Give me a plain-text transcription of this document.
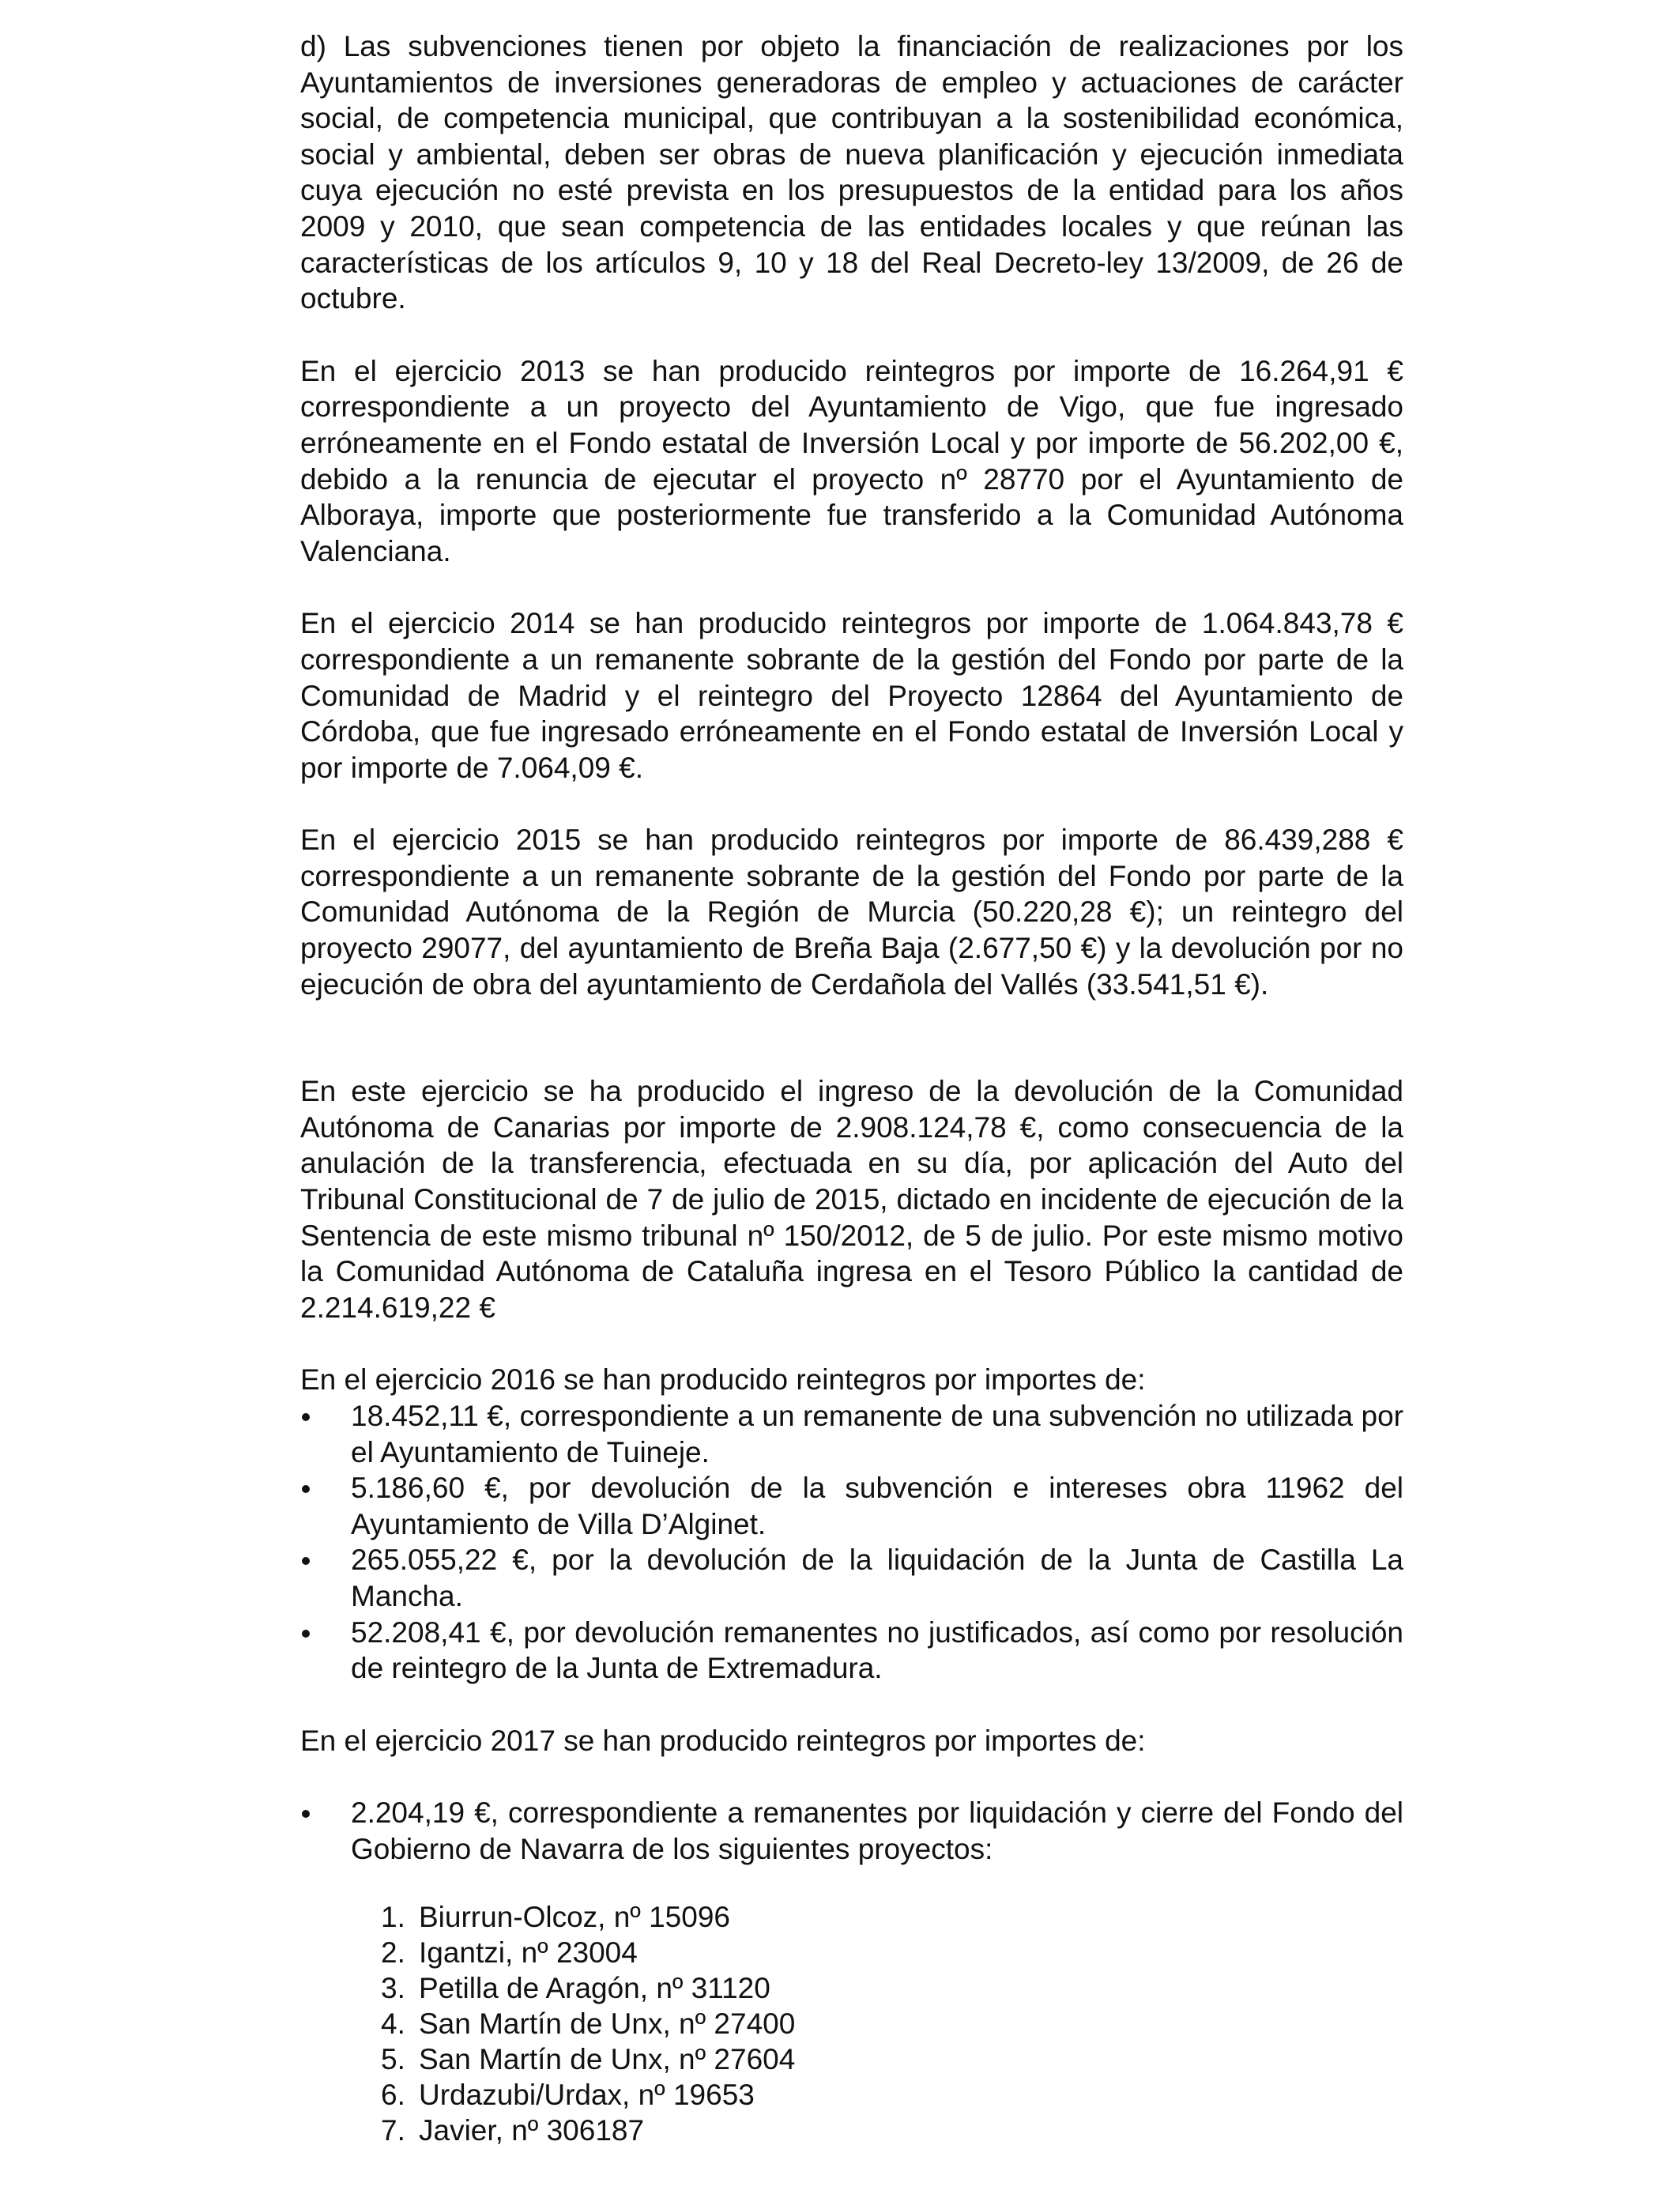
d) Las subvenciones tienen por objeto la financiación de realizaciones por los Ayuntamientos de inversiones generadoras de empleo y actuaciones de carácter social, de competencia municipal, que contribuyan a la sostenibilidad económica, social y ambiental, deben ser obras de nueva planificación y ejecución inmediata cuya ejecución no esté prevista en los presupuestos de la entidad para los años 2009 y 2010, que sean competencia de las entidades locales y que reúnan las características de los artículos 9, 10 y 18 del Real Decreto-ley 13/2009, de 26 de octubre.

En el ejercicio 2013 se han producido reintegros por importe de 16.264,91 € correspondiente a un proyecto del Ayuntamiento de Vigo, que fue ingresado erróneamente en el Fondo estatal de Inversión Local y por importe de 56.202,00 €, debido a la renuncia de ejecutar el proyecto nº 28770 por el Ayuntamiento de Alboraya, importe que posteriormente fue transferido a la Comunidad Autónoma Valenciana.

En el ejercicio 2014 se han producido reintegros por importe de 1.064.843,78 € correspondiente a un remanente sobrante de la gestión del Fondo por parte de la Comunidad de Madrid y el reintegro del Proyecto 12864 del Ayuntamiento de Córdoba, que fue ingresado erróneamente en el Fondo estatal de Inversión Local y por importe de 7.064,09 €.

En el ejercicio 2015 se han producido reintegros por importe de 86.439,288 € correspondiente a un remanente sobrante de la gestión del Fondo por parte de la Comunidad Autónoma de la Región de Murcia (50.220,28 €); un reintegro del proyecto 29077, del ayuntamiento de Breña Baja (2.677,50 €) y la devolución por no ejecución de obra del ayuntamiento de Cerdañola del Vallés (33.541,51 €).

En este ejercicio se ha producido el ingreso de la devolución de la Comunidad Autónoma de Canarias por importe de 2.908.124,78 €, como consecuencia de la anulación de la transferencia, efectuada en su día, por aplicación del Auto del Tribunal Constitucional de 7 de julio de 2015, dictado en incidente de ejecución de la Sentencia de este mismo tribunal nº 150/2012, de 5 de julio. Por este mismo motivo la Comunidad Autónoma de Cataluña ingresa en el Tesoro Público la cantidad de 2.214.619,22 €

En el ejercicio 2016 se han producido reintegros por importes de:

18.452,11 €, correspondiente a un remanente de una subvención no utilizada por el Ayuntamiento de Tuineje.
5.186,60 €, por devolución de la subvención e intereses obra 11962 del Ayuntamiento de Villa D’Alginet.
265.055,22 €, por la devolución de la liquidación de la Junta de Castilla La Mancha.
52.208,41 €, por devolución remanentes no justificados, así como por resolución de reintegro de la Junta de Extremadura.

En el ejercicio 2017 se han producido reintegros por importes de:

2.204,19 €, correspondiente a remanentes por liquidación y cierre del Fondo del Gobierno de Navarra de los siguientes proyectos:
1. Biurrun-Olcoz, nº 15096
2. Igantzi, nº 23004
3. Petilla de Aragón, nº 31120
4. San Martín de Unx, nº 27400
5. San Martín de Unx, nº 27604
6. Urdazubi/Urdax, nº 19653
7. Javier, nº 306187
